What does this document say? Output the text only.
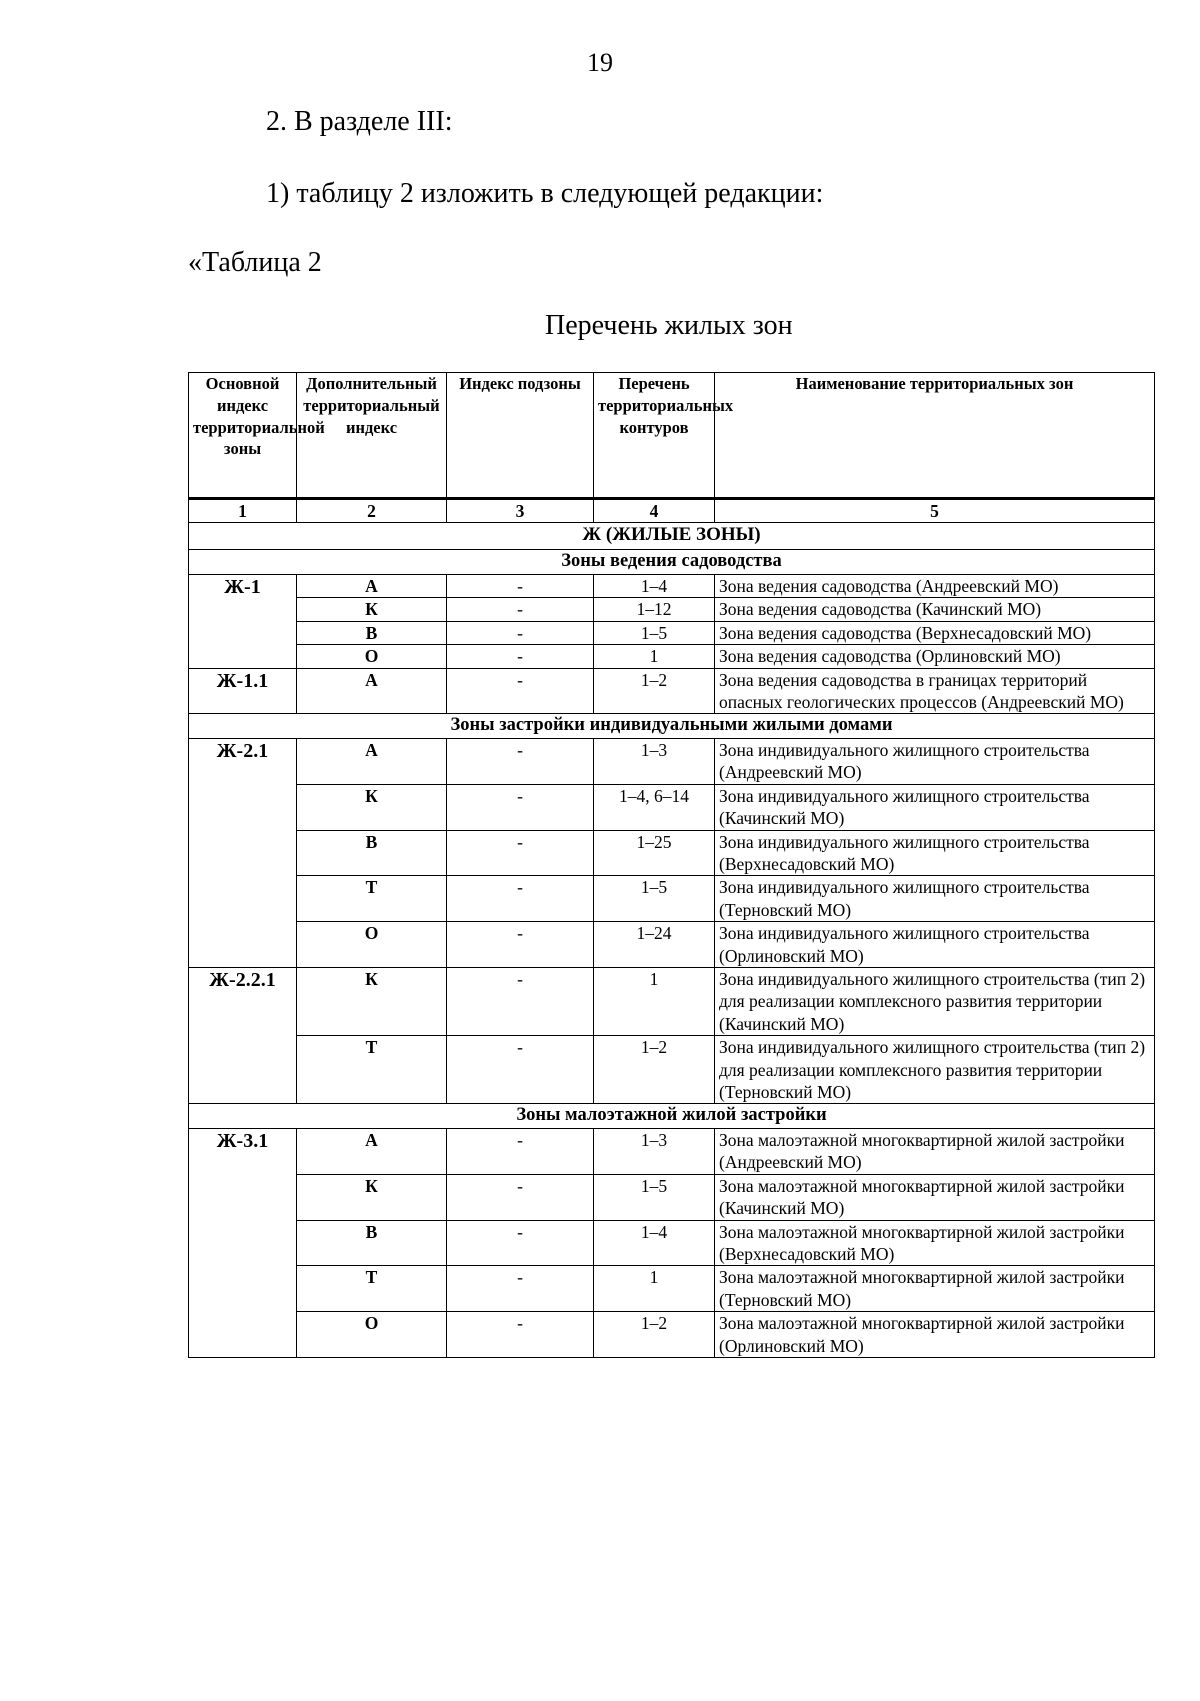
19
2. В разделе III:
1) таблицу 2 изложить в следующей редакции:
«Таблица 2
Перечень жилых зон
Основной индекс территориальной зоны	Дополнительный территориальный индекс	Индекс подзоны	Перечень территориальных контуров	Наименование территориальных зон
1	2	3	4	5
Ж (ЖИЛЫЕ ЗОНЫ)				
Зоны ведения садоводства				
Ж-1	А	-	1–4	Зона ведения садоводства (Андреевский МО)
	К	-	1–12	Зона ведения садоводства (Качинский МО)
	В	-	1–5	Зона ведения садоводства (Верхнесадовский МО)
	О	-	1	Зона ведения садоводства (Орлиновский МО)
Ж-1.1	А	-	1–2	Зона ведения садоводства в границах территорий опасных геологических процессов (Андреевский МО)
Зоны застройки индивидуальными жилыми домами				
Ж-2.1	А	-	1–3	Зона индивидуального жилищного строительства (Андреевский МО)
	К	-	1–4, 6–14	Зона индивидуального жилищного строительства (Качинский МО)
	В	-	1–25	Зона индивидуального жилищного строительства (Верхнесадовский МО)
	Т	-	1–5	Зона индивидуального жилищного строительства (Терновский МО)
	О	-	1–24	Зона индивидуального жилищного строительства (Орлиновский МО)
Ж-2.2.1	К	-	1	Зона индивидуального жилищного строительства (тип 2) для реализации комплексного развития территории (Качинский МО)
	Т	-	1–2	Зона индивидуального жилищного строительства (тип 2) для реализации комплексного развития территории (Терновский МО)
Зоны малоэтажной жилой застройки				
Ж-3.1	А	-	1–3	Зона малоэтажной многоквартирной жилой застройки (Андреевский МО)
	К	-	1–5	Зона малоэтажной многоквартирной жилой застройки (Качинский МО)
	В	-	1–4	Зона малоэтажной многоквартирной жилой застройки (Верхнесадовский МО)
	Т	-	1	Зона малоэтажной многоквартирной жилой застройки (Терновский МО)
	О	-	1–2	Зона малоэтажной многоквартирной жилой застройки (Орлиновский МО)
